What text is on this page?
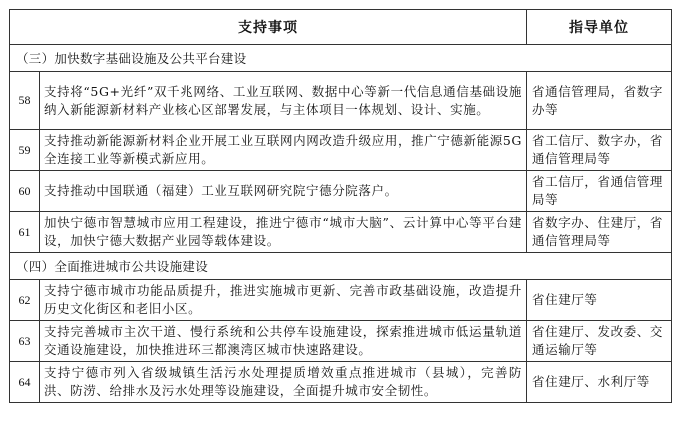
支持事项		指导单位
（三）加快数字基础设施及公共平台建设		
58	支持将“5G+光纤”双千兆网络、工业互联网、数据中心等新一代信息通信基础设施纳入新能源新材料产业核心区部署发展，与主体项目一体规划、设计、实施。	省通信管理局，省数字办等
59	支持推动新能源新材料企业开展工业互联网内网改造升级应用，推广宁德新能源5G全连接工业等新模式新应用。	省工信厅、数字办，省通信管理局等
60	支持推动中国联通（福建）工业互联网研究院宁德分院落户。	省工信厅，省通信管理局等
61	加快宁德市智慧城市应用工程建设，推进宁德市“城市大脑”、云计算中心等平台建设，加快宁德大数据产业园等载体建设。	省数字办、住建厅，省通信管理局等
（四）全面推进城市公共设施建设		
62	支持宁德市城市功能品质提升，推进实施城市更新、完善市政基础设施，改造提升历史文化街区和老旧小区。	省住建厅等
63	支持完善城市主次干道、慢行系统和公共停车设施建设，探索推进城市低运量轨道交通设施建设，加快推进环三都澳湾区城市快速路建设。	省住建厅、发改委、交通运输厅等
64	支持宁德市列入省级城镇生活污水处理提质增效重点推进城市（县城），完善防洪、防涝、给排水及污水处理等设施建设，全面提升城市安全韧性。	省住建厅、水利厅等
